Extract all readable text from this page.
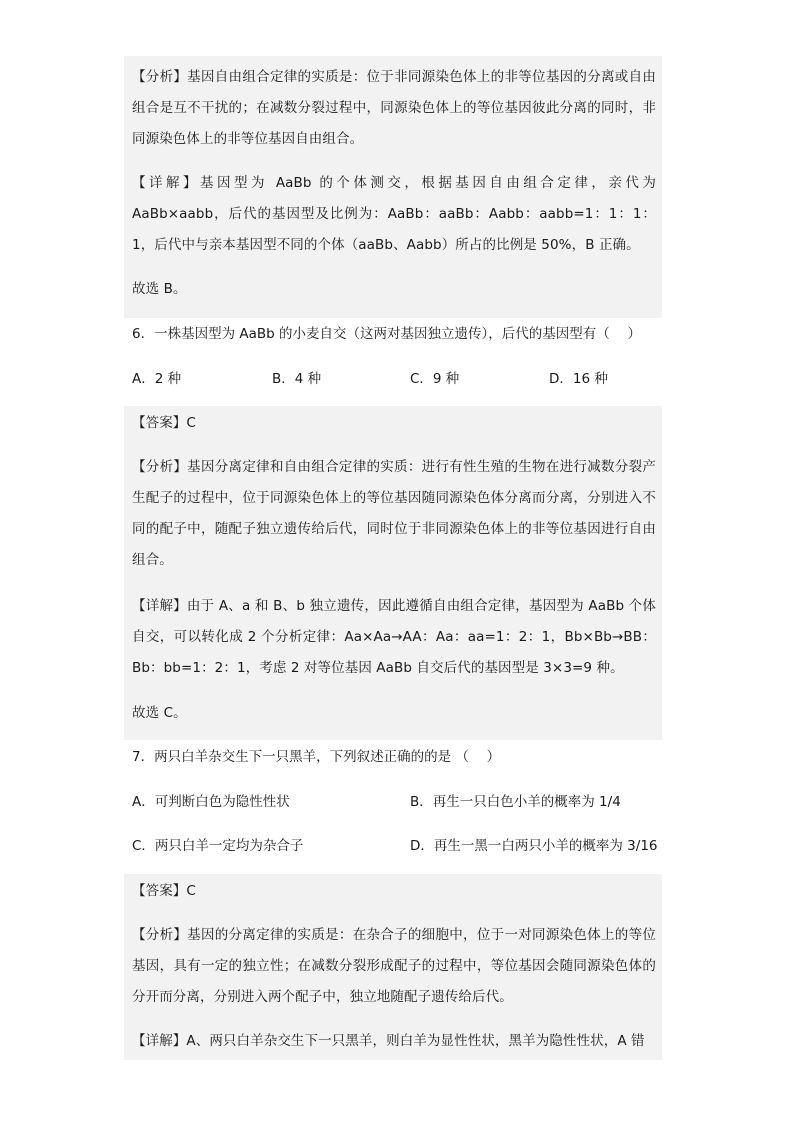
【分析】基因自由组合定律的实质是：位于非同源染色体上的非等位基因的分离或自由组合是互不干扰的；在减数分裂过程中，同源染色体上的等位基因彼此分离的同时，非同源染色体上的非等位基因自由组合。

【详解】基因型为 AaBb 的个体测交，根据基因自由组合定律，亲代为 AaBb×aabb，后代的基因型及比例为：AaBb：aaBb：Aabb：aabb=1：1：1：1，后代中与亲本基因型不同的个体（aaBb、Aabb）所占的比例是 50%，B 正确。

故选 B。

6．一株基因型为 AaBb 的小麦自交（这两对基因独立遗传），后代的基因型有（　 ）

A．2 种	B．4 种	C．9 种	D．16 种

【答案】C

【分析】基因分离定律和自由组合定律的实质：进行有性生殖的生物在进行减数分裂产生配子的过程中，位于同源染色体上的等位基因随同源染色体分离而分离，分别进入不同的配子中，随配子独立遗传给后代，同时位于非同源染色体上的非等位基因进行自由组合。

【详解】由于 A、a 和 B、b 独立遗传，因此遵循自由组合定律，基因型为 AaBb 个体自交，可以转化成 2 个分析定律：Aa×Aa→AA：Aa：aa=1：2：1，Bb×Bb→BB：Bb：bb=1：2：1，考虑 2 对等位基因 AaBb 自交后代的基因型是 3×3=9 种。

故选 C。

7．两只白羊杂交生下一只黑羊，下列叙述正确的的是 （　 ）

A．可判断白色为隐性性状	B．再生一只白色小羊的概率为 1/4

C．两只白羊一定均为杂合子	D．再生一黑一白两只小羊的概率为 3/16

【答案】C

【分析】基因的分离定律的实质是：在杂合子的细胞中，位于一对同源染色体上的等位基因，具有一定的独立性；在减数分裂形成配子的过程中，等位基因会随同源染色体的分开而分离，分别进入两个配子中，独立地随配子遗传给后代。

【详解】A、两只白羊杂交生下一只黑羊，则白羊为显性性状，黑羊为隐性性状，A 错
